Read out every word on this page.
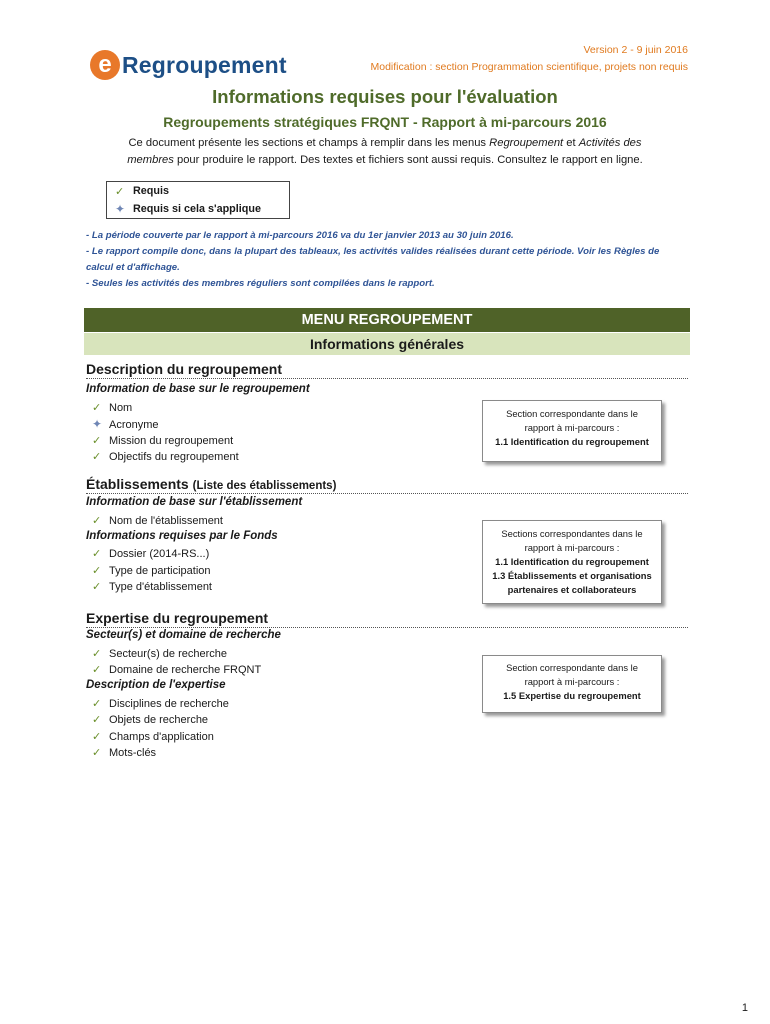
e Regroupement
Version 2 - 9 juin 2016
Modification : section Programmation scientifique, projets non requis
Informations requises pour l'évaluation
Regroupements stratégiques FRQNT - Rapport à mi-parcours 2016
Ce document présente les sections et champs à remplir dans les menus Regroupement et Activités des
membres pour produire le rapport. Des textes et fichiers sont aussi requis. Consultez le rapport en ligne.
✓ Requis
✦ Requis si cela s'applique
- La période couverte par le rapport à mi-parcours 2016 va du 1er janvier 2013 au 30 juin 2016.
- Le rapport compile donc, dans la plupart des tableaux, les activités valides réalisées durant cette période. Voir les Règles de
calcul et d'affichage.
- Seules les activités des membres réguliers sont compilées dans le rapport.
MENU REGROUPEMENT
Informations générales
Description du regroupement
Information de base sur le regroupement
✓ Nom
✦ Acronyme
✓ Mission du regroupement
✓ Objectifs du regroupement
Section correspondante dans le
rapport à mi-parcours :
1.1 Identification du regroupement
Établissements (Liste des établissements)
Information de base sur l'établissement
✓ Nom de l'établissement
Informations requises par le Fonds
✓ Dossier (2014-RS...)
✓ Type de participation
✓ Type d'établissement
Sections correspondantes dans le
rapport à mi-parcours :
1.1 Identification du regroupement
1.3 Établissements et organisations
partenaires et collaborateurs
Expertise du regroupement
Secteur(s) et domaine de recherche
✓ Secteur(s) de recherche
✓ Domaine de recherche FRQNT
Description de l'expertise
✓ Disciplines de recherche
✓ Objets de recherche
✓ Champs d'application
✓ Mots-clés
Section correspondante dans le
rapport à mi-parcours :
1.5 Expertise du regroupement
1
